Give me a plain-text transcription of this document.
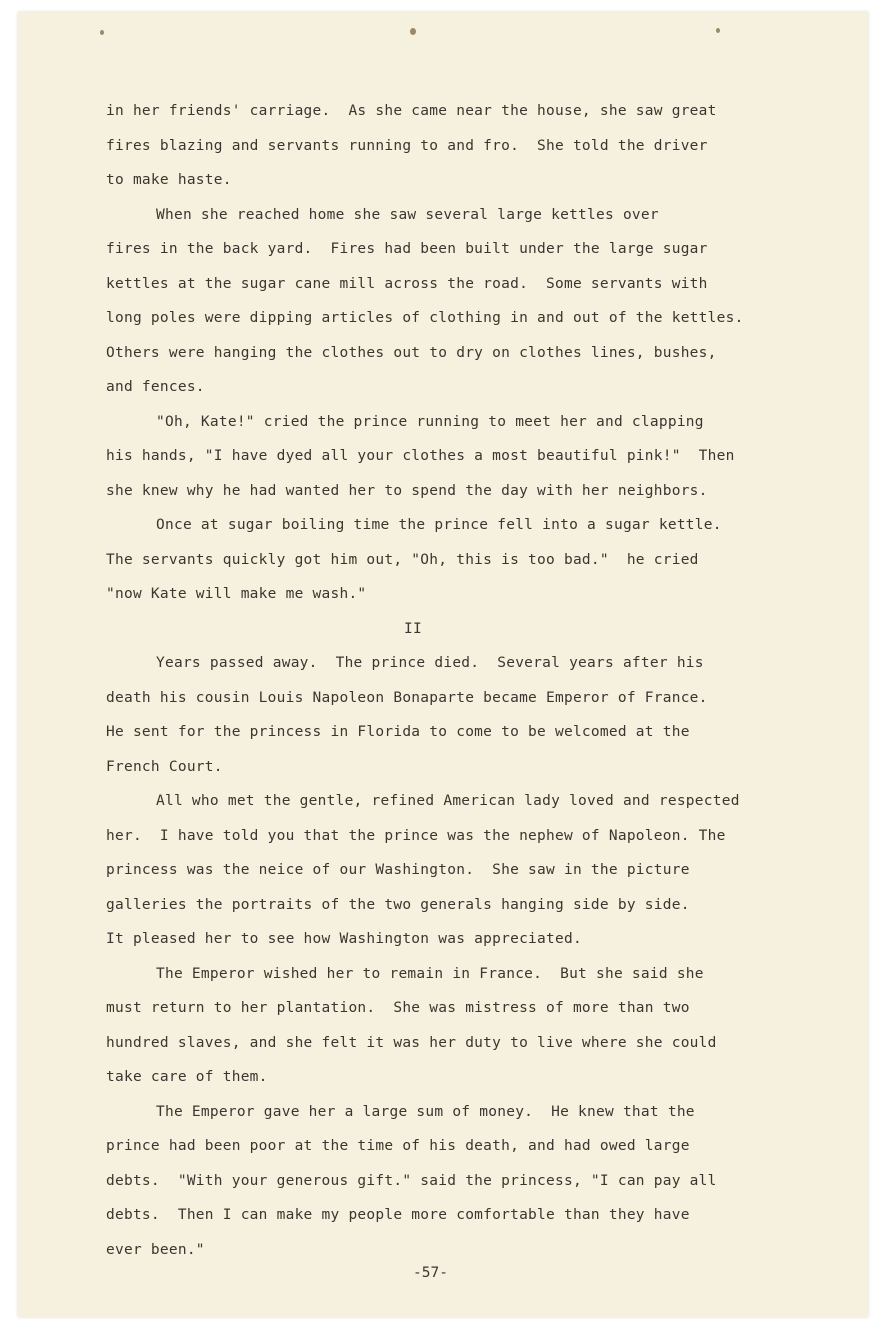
in her friends' carriage.  As she came near the house, she saw great
fires blazing and servants running to and fro.  She told the driver
to make haste.
When she reached home she saw several large kettles over
fires in the back yard.  Fires had been built under the large sugar
kettles at the sugar cane mill across the road.  Some servants with
long poles were dipping articles of clothing in and out of the kettles.
Others were hanging the clothes out to dry on clothes lines, bushes,
and fences.
"Oh, Kate!" cried the prince running to meet her and clapping
his hands, "I have dyed all your clothes a most beautiful pink!"  Then
she knew why he had wanted her to spend the day with her neighbors.
Once at sugar boiling time the prince fell into a sugar kettle.
The servants quickly got him out, "Oh, this is too bad."  he cried
"now Kate will make me wash."
II
Years passed away.  The prince died.  Several years after his
death his cousin Louis Napoleon Bonaparte became Emperor of France.
He sent for the princess in Florida to come to be welcomed at the
French Court.
All who met the gentle, refined American lady loved and respected
her.  I have told you that the prince was the nephew of Napoleon. The
princess was the neice of our Washington.  She saw in the picture
galleries the portraits of the two generals hanging side by side.
It pleased her to see how Washington was appreciated.
The Emperor wished her to remain in France.  But she said she
must return to her plantation.  She was mistress of more than two
hundred slaves, and she felt it was her duty to live where she could
take care of them.
The Emperor gave her a large sum of money.  He knew that the
prince had been poor at the time of his death, and had owed large
debts.  "With your generous gift." said the princess, "I can pay all
debts.  Then I can make my people more comfortable than they have
ever been."
-57-
